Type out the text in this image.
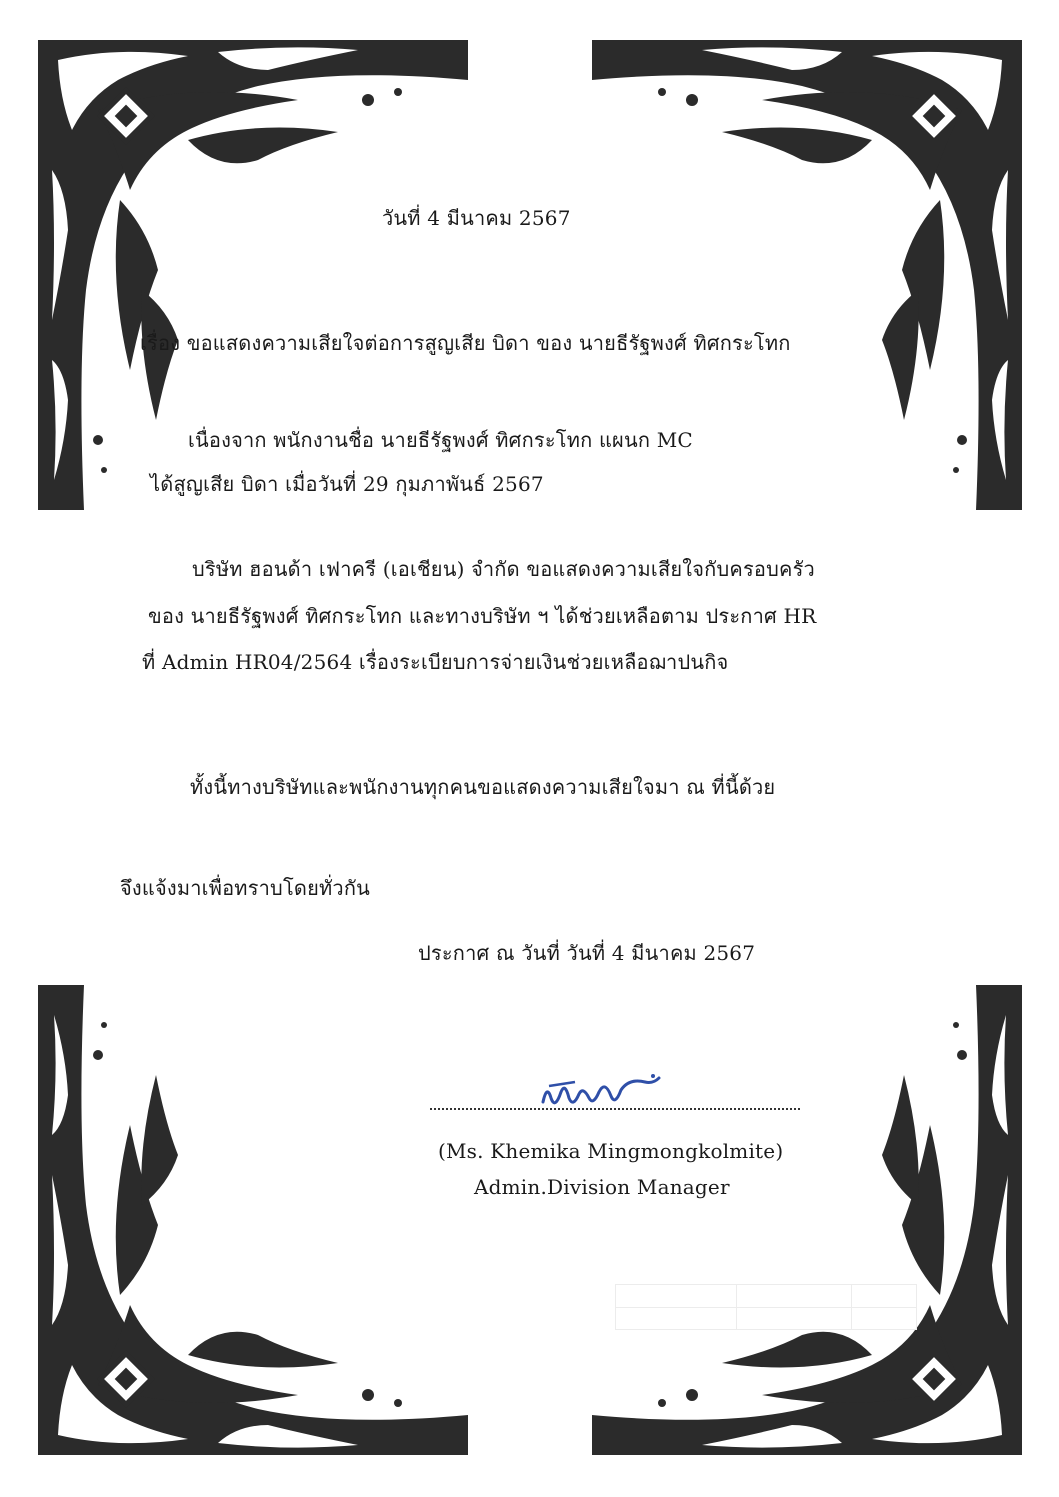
วันที่ 4 มีนาคม 2567
เรื่อง ขอแสดงความเสียใจต่อการสูญเสีย บิดา ของ นายธีรัฐพงศ์ ทิศกระโทก
เนื่องจาก พนักงานชื่อ นายธีรัฐพงศ์ ทิศกระโทก แผนก MC
ได้สูญเสีย บิดา เมื่อวันที่ 29 กุมภาพันธ์ 2567
บริษัท ฮอนด้า เฟาครี (เอเชียน) จำกัด ขอแสดงความเสียใจกับครอบครัว
ของ นายธีรัฐพงศ์ ทิศกระโทก และทางบริษัท ฯ ได้ช่วยเหลือตาม ประกาศ HR
ที่ Admin HR04/2564 เรื่องระเบียบการจ่ายเงินช่วยเหลือฌาปนกิจ
ทั้งนี้ทางบริษัทและพนักงานทุกคนขอแสดงความเสียใจมา ณ ที่นี้ด้วย
จึงแจ้งมาเพื่อทราบโดยทั่วกัน
ประกาศ ณ วันที่ วันที่ 4 มีนาคม 2567
(Ms. Khemika Mingmongkolmite)
Admin.Division Manager
